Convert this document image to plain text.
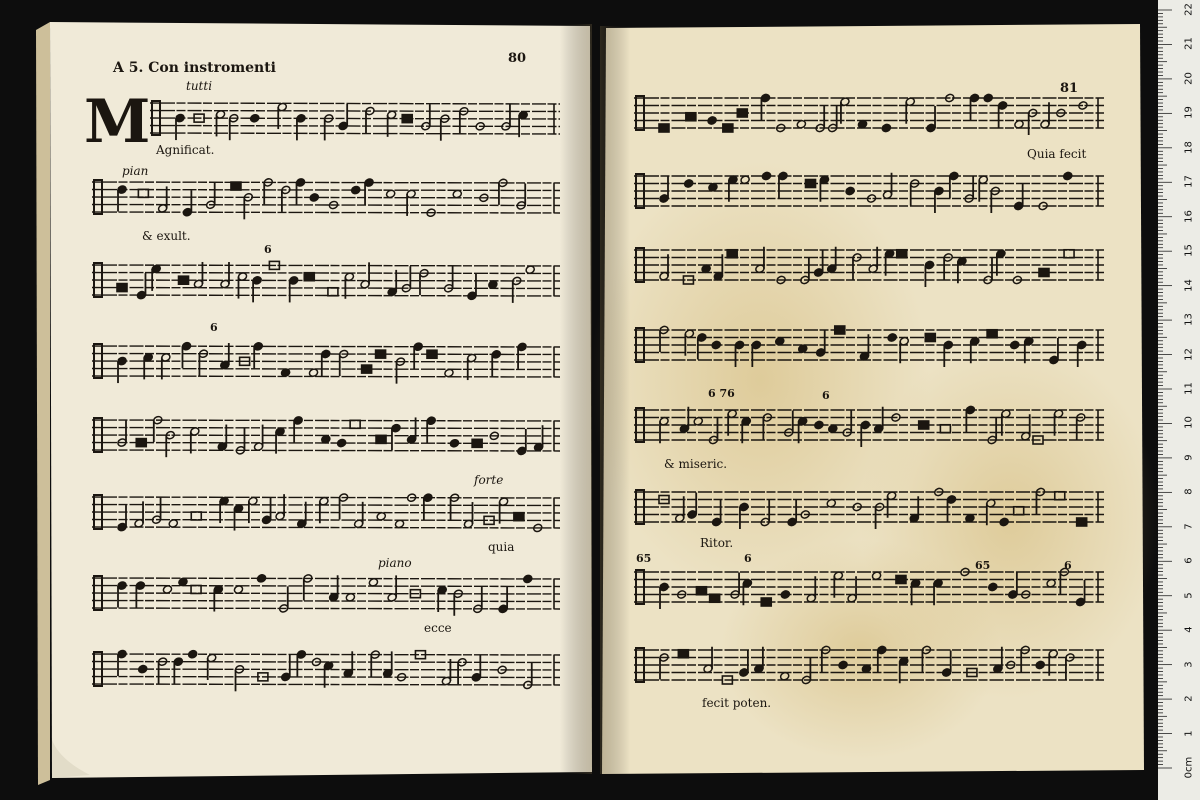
A 5. Con instromenti
80
M
tutti
Agnificat.
pian
& exult.
6
6
forte
quia
piano
ecce
81
Quia fecit
6 76	6
& miseric.
Ritor.
65	6
65	6
fecit poten.
0cm
1
2
3
4
5
6
7
8
9
10
11
12
13
14
15
16
17
18
19
20
21
22
